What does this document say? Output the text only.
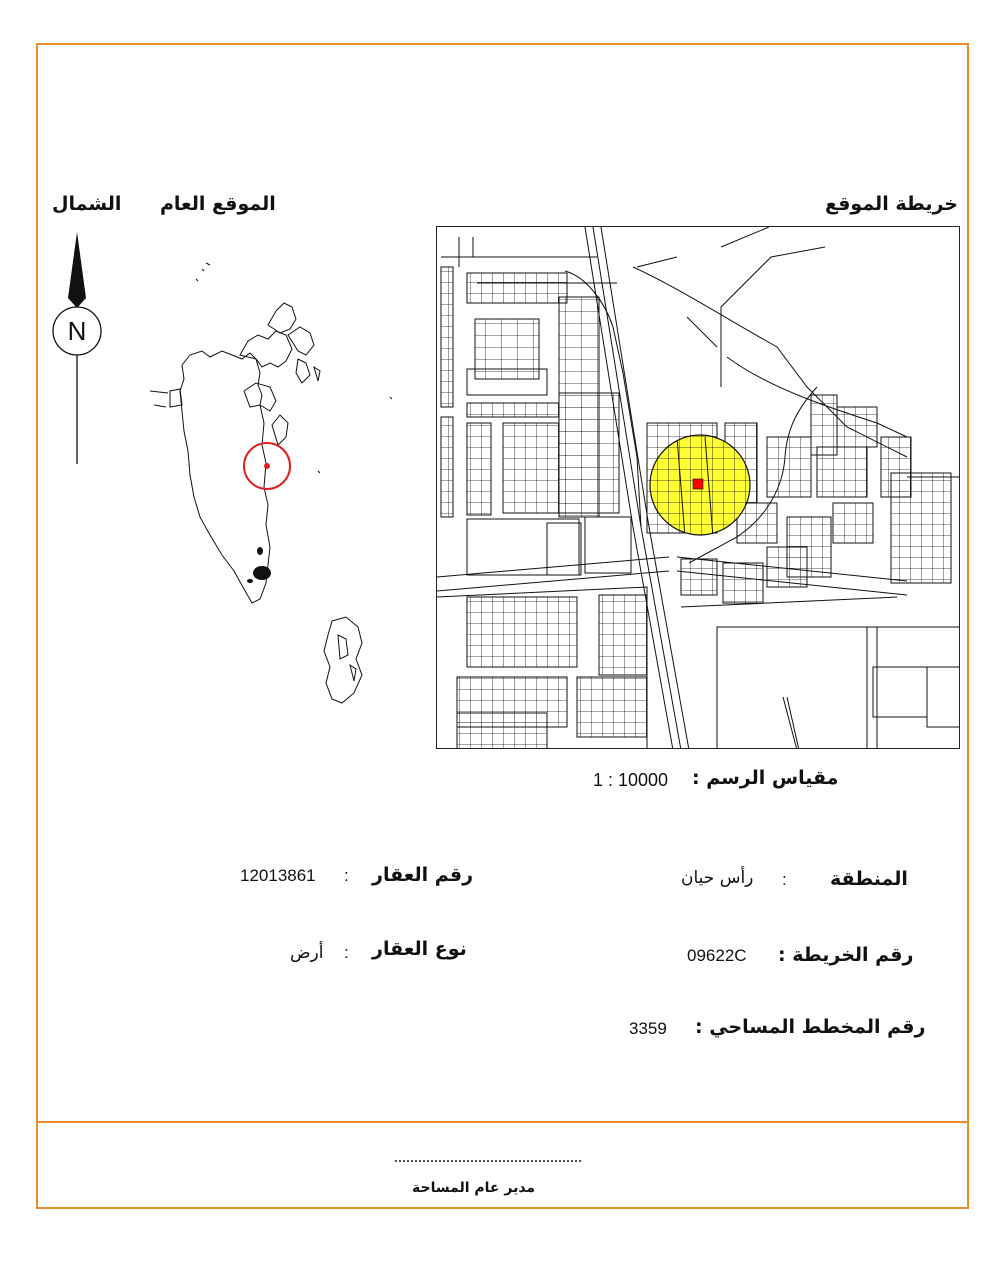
الشمال الموقع العام	خريطة الموقع
N
مقياس الرسم :
1 : 10000
رقم العقار
:
12013861
نوع العقار
:
أرض
المنطقة
:
رأس حيان
رقم الخريطة :
09622C
رقم المخطط المساحي :
3359
مدير عام المساحة
